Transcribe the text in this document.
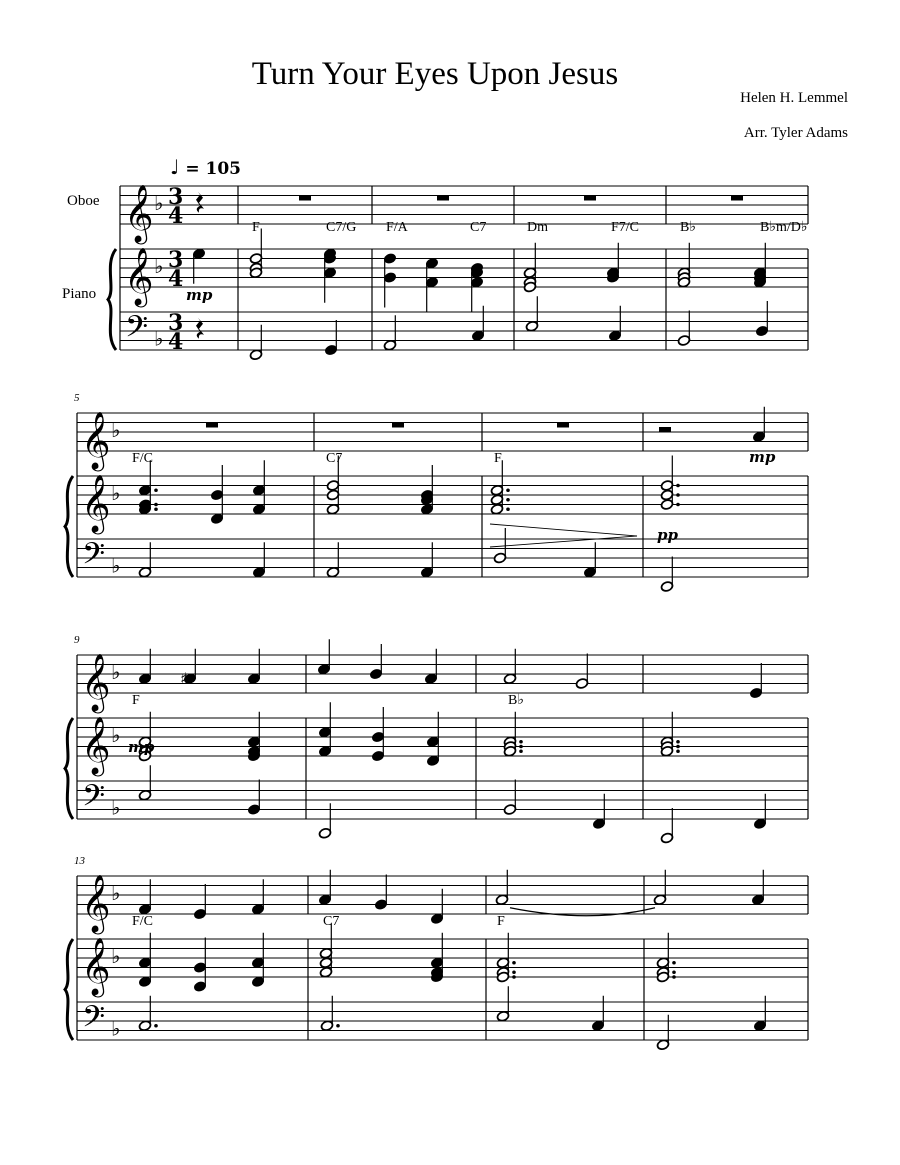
Turn Your Eyes Upon Jesus
Helen H. Lemmel
Arr. Tyler Adams
♩ = 105
Oboe
Piano
𝄞
𝄞
𝄢
♭
♭
♭
3
4
3
4
3
4
𝄞
𝄞
𝄢
♭
♭
♭
𝄞
𝄞
𝄢
♭
♭
♭
𝄞
𝄞
𝄢
♭
♭
♭
♯
F	C7/G F/A	C7	Dm	F7/C	B♭	B♭m/D♭
mp
5
F/C	C7	F	mp
pp
9
F	B♭
mp
13
F/C	C7	F
